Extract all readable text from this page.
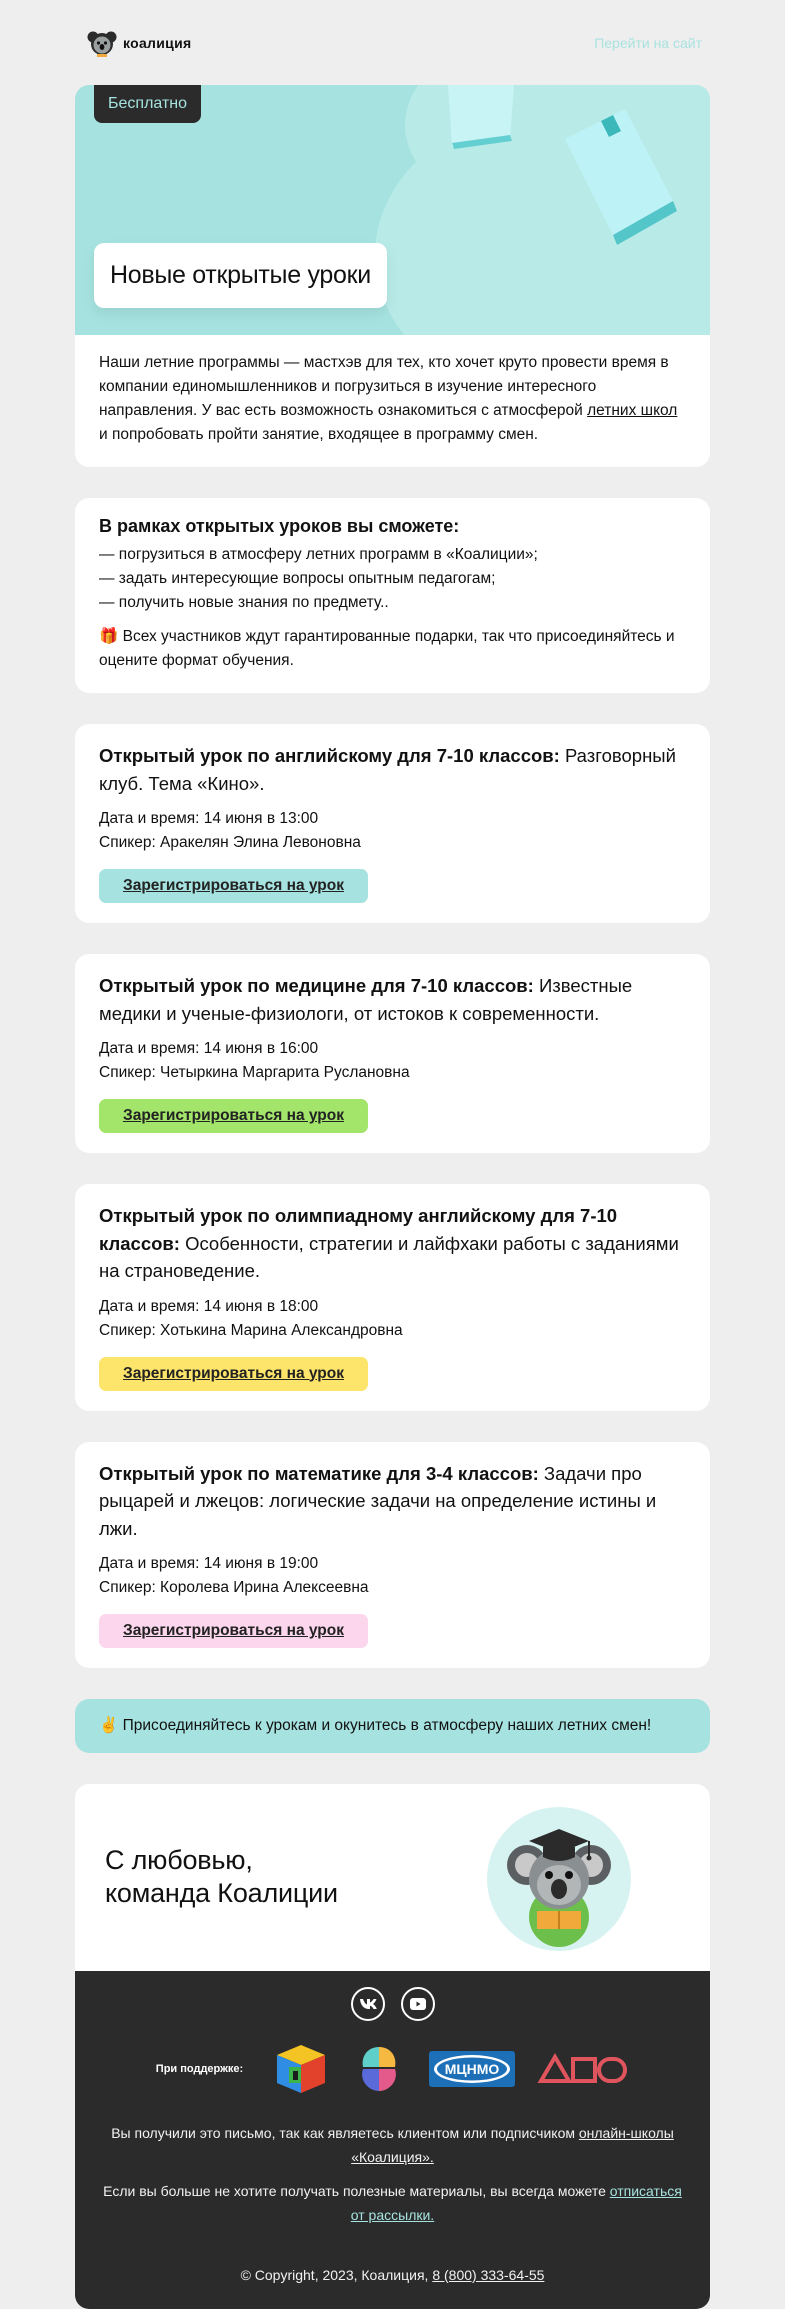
коалиция	Перейти на сайт
Бесплатно
Новые открытые уроки
Наши летние программы — мастхэв для тех, кто хочет круто провести время в компании единомышленников и погрузиться в изучение интересного направления. У вас есть возможность ознакомиться с атмосферой летних школ и попробовать пройти занятие, входящее в программу смен.
В рамках открытых уроков вы сможете:
— погрузиться в атмосферу летних программ в «Коалиции»;
— задать интересующие вопросы опытным педагогам;
— получить новые знания по предмету..
🎁 Всех участников ждут гарантированные подарки, так что присоединяйтесь и оцените формат обучения.
Открытый урок по английскому для 7-10 классов: Разговорный клуб. Тема «Кино».
Дата и время: 14 июня в 13:00
Спикер: Аракелян Элина Левоновна
Зарегистрироваться на урок
Открытый урок по медицине для 7-10 классов: Известные медики и ученые-физиологи, от истоков к современности.
Дата и время: 14 июня в 16:00
Спикер: Четыркина Маргарита Руслановна
Зарегистрироваться на урок
Открытый урок по олимпиадному английскому для 7-10 классов: Особенности, стратегии и лайфхаки работы с заданиями на страноведение.
Дата и время: 14 июня в 18:00
Спикер: Хотькина Марина Александровна
Зарегистрироваться на урок
Открытый урок по математике для 3-4 классов: Задачи про рыцарей и лжецов: логические задачи на определение истины и лжи.
Дата и время: 14 июня в 19:00
Спикер: Королева Ирина Алексеевна
Зарегистрироваться на урок
✌️ Присоединяйтесь к урокам и окунитесь в атмосферу наших летних смен!
С любовью,
команда Коалиции
При поддержке:	МЦНМО
ДПО
Вы получили это письмо, так как являетесь клиентом или подписчиком онлайн-школы «Коалиция».
Если вы больше не хотите получать полезные материалы, вы всегда можете отписаться от рассылки.
© Copyright, 2023, Коалиция, 8 (800) 333-64-55
